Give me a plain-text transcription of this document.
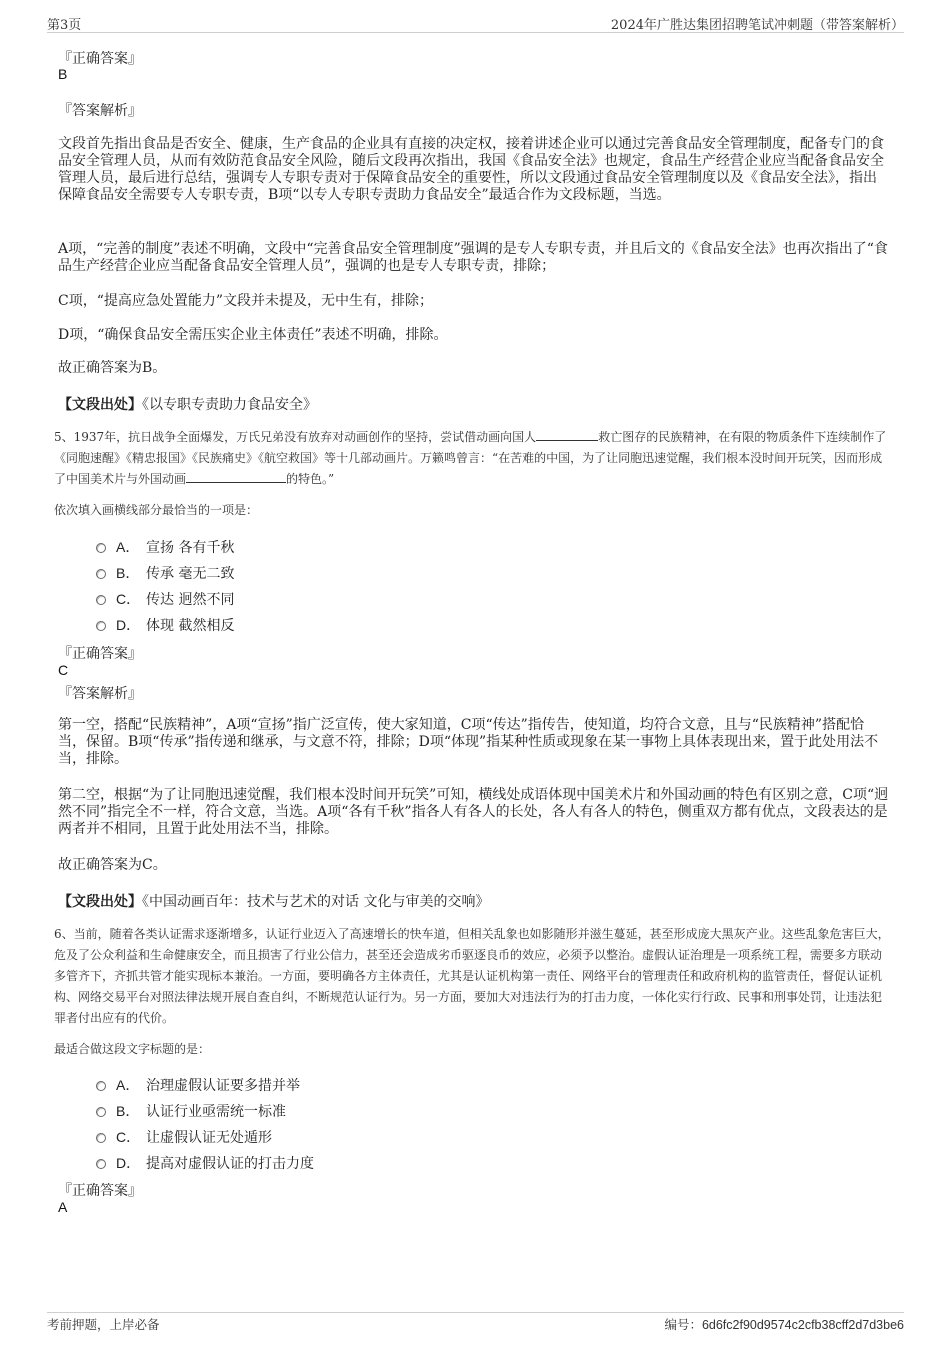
第3页	2024年广胜达集团招聘笔试冲刺题（带答案解析）
『正确答案』
B
『答案解析』
文段首先指出食品是否安全、健康，生产食品的企业具有直接的决定权，接着讲述企业可以通过完善食品安全管理制度，配备专门的食品安全管理人员，从而有效防范食品安全风险，随后文段再次指出，我国《食品安全法》也规定，食品生产经营企业应当配备食品安全管理人员，最后进行总结，强调专人专职专责对于保障食品安全的重要性，所以文段通过食品安全管理制度以及《食品安全法》，指出保障食品安全需要专人专职专责，B项“以专人专职专责助力食品安全”最适合作为文段标题，当选。
A项，“完善的制度”表述不明确，文段中“完善食品安全管理制度”强调的是专人专职专责，并且后文的《食品安全法》也再次指出了“食品生产经营企业应当配备食品安全管理人员”，强调的也是专人专职专责，排除；
C项，“提高应急处置能力”文段并未提及，无中生有，排除；
D项，“确保食品安全需压实企业主体责任”表述不明确，排除。
故正确答案为B。
【文段出处】《以专职专责助力食品安全》
5、1937年，抗日战争全面爆发，万氏兄弟没有放弃对动画创作的坚持，尝试借动画向国人	救亡图存的民族精神，在有限的物质条件下连续制作了《同胞速醒》《精忠报国》《民族痛史》《航空救国》等十几部动画片。万籁鸣曾言：“在苦难的中国，为了让同胞迅速觉醒，我们根本没时间开玩笑，因而形成了中国美术片与外国动画	的特色。”
依次填入画横线部分最恰当的一项是：
A． 宣扬 各有千秋
B． 传承 毫无二致
C． 传达 迥然不同
D． 体现 截然相反
『正确答案』
C
『答案解析』
第一空，搭配“民族精神”，A项“宣扬”指广泛宣传，使大家知道，C项“传达”指传告，使知道，均符合文意，且与“民族精神”搭配恰当，保留。B项“传承”指传递和继承，与文意不符，排除；D项“体现”指某种性质或现象在某一事物上具体表现出来，置于此处用法不当，排除。
第二空，根据“为了让同胞迅速觉醒，我们根本没时间开玩笑”可知，横线处成语体现中国美术片和外国动画的特色有区别之意，C项“迥然不同”指完全不一样，符合文意，当选。A项“各有千秋”指各人有各人的长处，各人有各人的特色，侧重双方都有优点，文段表达的是两者并不相同，且置于此处用法不当，排除。
故正确答案为C。
【文段出处】《中国动画百年：技术与艺术的对话 文化与审美的交响》
6、当前，随着各类认证需求逐渐增多，认证行业迈入了高速增长的快车道，但相关乱象也如影随形并滋生蔓延，甚至形成庞大黑灰产业。这些乱象危害巨大，危及了公众利益和生命健康安全，而且损害了行业公信力，甚至还会造成劣币驱逐良币的效应，必须予以整治。虚假认证治理是一项系统工程，需要多方联动多管齐下，齐抓共管才能实现标本兼治。一方面，要明确各方主体责任，尤其是认证机构第一责任、网络平台的管理责任和政府机构的监管责任，督促认证机构、网络交易平台对照法律法规开展自查自纠，不断规范认证行为。另一方面，要加大对违法行为的打击力度，一体化实行行政、民事和刑事处罚，让违法犯罪者付出应有的代价。
最适合做这段文字标题的是：
A． 治理虚假认证要多措并举
B． 认证行业亟需统一标准
C． 让虚假认证无处遁形
D． 提高对虚假认证的打击力度
『正确答案』
A
考前押题，上岸必备	编号：6d6fc2f90d9574c2cfb38cff2d7d3be6
